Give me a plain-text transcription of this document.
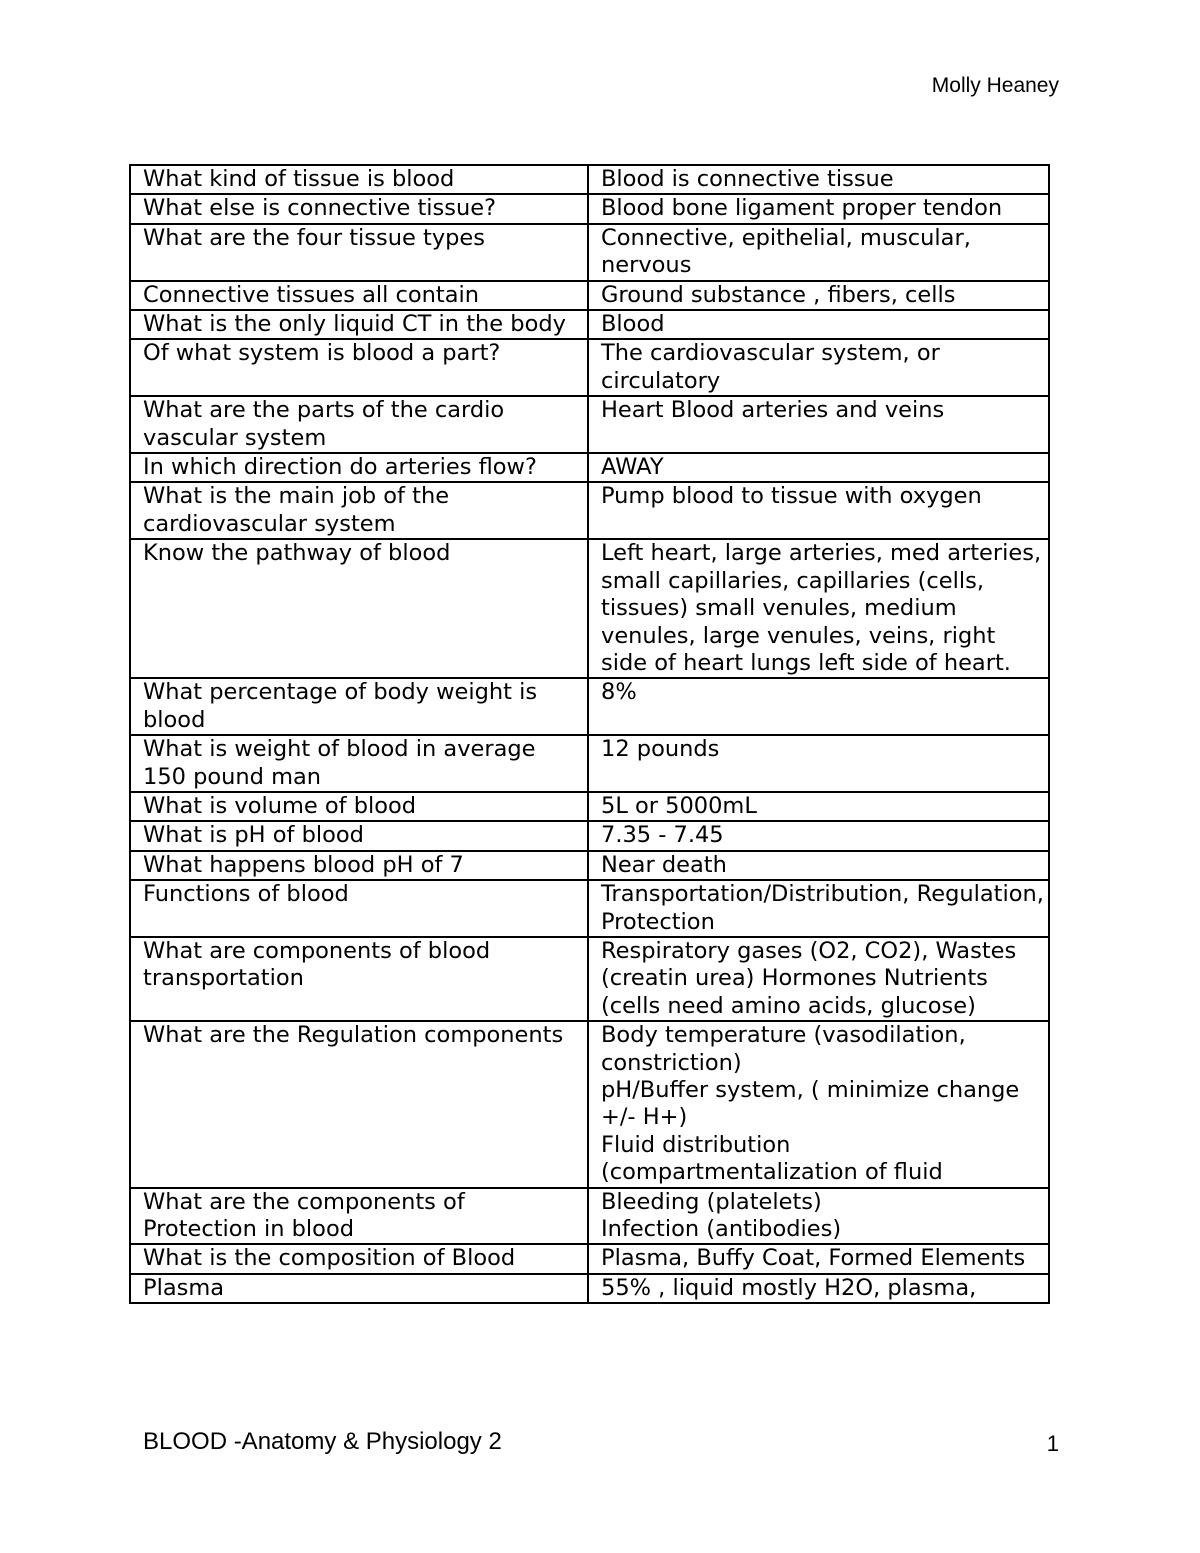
Molly Heaney
What kind of tissue is blood	Blood is connective tissue
What else is connective tissue?	Blood bone ligament proper tendon
What are the four tissue types	Connective, epithelial, muscular, nervous
Connective tissues all contain	Ground substance , fibers, cells
What is the only liquid CT in the body	Blood
Of what system is blood a part?	The cardiovascular system, or circulatory
What are the parts of the cardio vascular system	Heart Blood arteries and veins
In which direction do arteries flow?	AWAY
What is the main job of the cardiovascular system	Pump blood to tissue with oxygen
Know the pathway of blood	Left heart, large arteries, med arteries, small capillaries, capillaries (cells, tissues) small venules, medium venules, large venules, veins, right side of heart lungs left side of heart.
What percentage of body weight is blood	8%
What is weight of blood in average 150 pound man	12 pounds
What is volume of blood	5L or 5000mL
What is pH of blood	7.35 - 7.45
What happens blood pH of 7	Near death
Functions of blood	Transportation/Distribution, Regulation, Protection
What are components of blood transportation	Respiratory gases (O2, CO2), Wastes (creatin urea) Hormones Nutrients (cells need amino acids, glucose)
What are the Regulation components	Body temperature (vasodilation, constriction)
pH/Buffer system, ( minimize change +/- H+)
Fluid distribution (compartmentalization of fluid
What are the components of Protection in blood	Bleeding (platelets)
Infection (antibodies)
What is the composition of Blood	Plasma, Buffy Coat, Formed Elements
Plasma	55% , liquid mostly H2O, plasma,
BLOOD -Anatomy & Physiology 2	1
